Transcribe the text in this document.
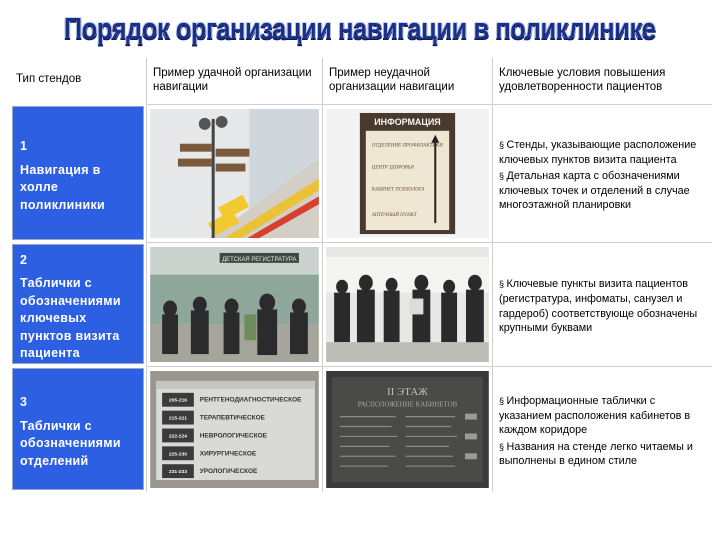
Порядок организации навигации в поликлинике
Тип стендов	Пример удачной организации навигации
Пример неудачной организации навигации
Ключевые условия повышения удовлетворенности пациентов
1
Навигация в холле поликлиники
ИНФОРМАЦИЯ
ОТДЕЛЕНИЕ ПРОФИЛАКТИКИ
ЦЕНТР ЗДОРОВЬЯ
КАБИНЕТ ПСИХОЛОГА
АПТЕЧНЫЙ ПУНКТ
§ Стенды, указывающие расположение ключевых пунктов визита пациента
§ Детальная карта с обозначениями ключевых точек и отделений в случае многоэтажной планировки
2
Таблички с обозначениями ключевых пунктов визита пациента
ДЕТСКАЯ РЕГИСТРАТУРА
§ Ключевые пункты визита пациентов (регистратура, инфоматы, санузел и гардероб) соответствующе обозначены крупными буквами
3
Таблички с обозначениями отделений
205-216 РЕНТГЕНОДИАГНОСТИЧЕСКОЕ
215-221 ТЕРАПЕВТИЧЕСКОЕ
222-224 НЕВРОЛОГИЧЕСКОЕ
225-230 ХИРУРГИЧЕСКОЕ
231-233 УРОЛОГИЧЕСКОЕ
II ЭТАЖ
РАСПОЛОЖЕНИЕ КАБИНЕТОВ
§	Информационные таблички с указанием расположения кабинетов в каждом коридоре
§ Названия на стенде легко читаемы и выполнены в едином стиле
